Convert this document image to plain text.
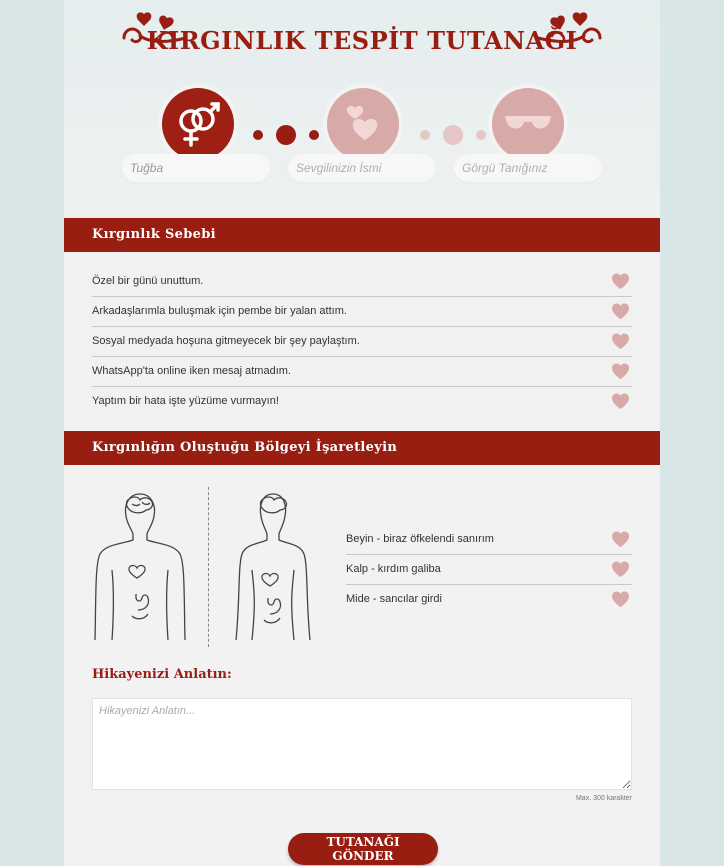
KIRGINLIK TESPİT TUTANAĞI
Tuğba
Sevgilinizin İsmi
Görgü Tanığınız
Kırgınlık Sebebi
Özel bir günü unuttum.
Arkadaşlarımla buluşmak için pembe bir yalan attım.
Sosyal medyada hoşuna gitmeyecek bir şey paylaştım.
WhatsApp'ta online iken mesaj atmadım.
Yaptım bir hata işte yüzüme vurmayın!
Kırgınlığın Oluştuğu Bölgeyi İşaretleyin
Beyin - biraz öfkelendi sanırım
Kalp - kırdım galiba
Mide - sancılar girdi
Hikayenizi Anlatın:
Hikayenizi Anlatın...
Max. 300 karakter
TUTANAĞI GÖNDER
